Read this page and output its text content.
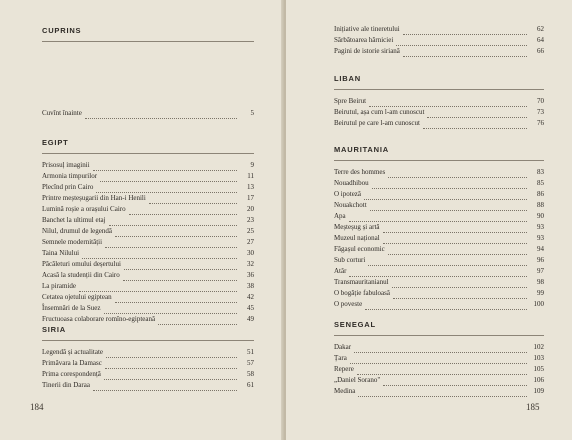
CUPRINS
Cuvînt înainte	5
EGIPT
Prisosuļ imaginii	9
Armonia timpurilor	11
Plecînd prin Cairo	13
Printre meșteșugarii din Han-i Henili	17
Lumină roșie a orașului Cairo	20
Banchet la ultimul etaj	23
Nilul, drumul de legendă	25
Semnele modernității	27
Taina Nilului	30
Păcăleturi omului deșertului	32
Acasă la studenții din Cairo	36
La piramide	38
Cetatea ojetului egiptean	42
Însemnări de la Suez	45
Fructuoasa colaborare romîno-egipteană	49
SIRIA
Legendă și actualitate	51
Primăvara la Damasc	57
Prima corespondență	58
Tinerii din Daraa	61
184
Inițiative ale tineretului	62
Sărbătoarea hărniciei	64
Pagini de istorie siriană	66
LIBAN
Spre Beirut	70
Beirutul, așa cum l-am cunoscut	73
Beirutul pe care l-am cunoscut	76
MAURITANIA
Terre des hommes	83
Nouadhibou	85
O ipoteză	86
Nouakchott	88
Apa	90
Meșteșug și artă	93
Muzeul național	93
Făgașul economic	94
Sub corturi	96
Atâr	97
Transmauritanianul	98
O bogăție fabuloasă	99
O poveste	100
SENEGAL
Dakar	102
Țara	103
Repere	105
„Daniel Sorano"	106
Medina	109
185
